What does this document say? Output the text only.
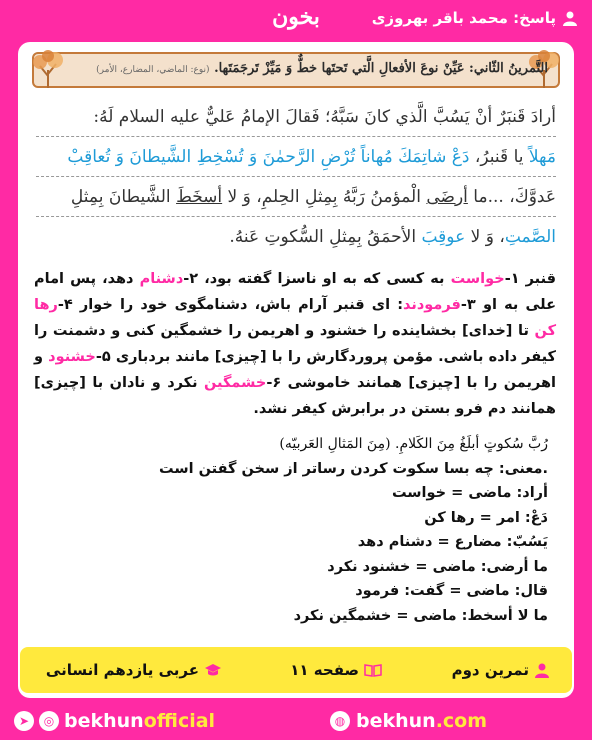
بخون	پاسخ: محمد باقر بهروزی
التَّمرينُ الثّاني: عَيِّنْ نوعَ الأفعالِ الَّتي تَحتَها خطٌّ وَ مَيِّزْ تَرجَمَتَها. (نوع: الماضي، المضارع، الأمر)
أرادَ قَنبَرٌ أنْ يَسُبَّ الَّذي كانَ سَبَّهُ؛ فَقالَ الإمامُ عَليٌّ عليه السلام لَهُ:
مَهلاً يا قَنبرُ، دَعْ شاتِمَكَ مُهاناً تُرْضِ الرَّحمٰنَ وَ تُسْخِطِ الشَّيطانَ وَ تُعاقِبْ
عَدوَّكَ، ...ما أرضَى الْمؤمنُ رَبَّهُ بِمِثلِ الحِلمِ، وَ لا أسخَطَ الشَّيطانَ بِمِثلِ
الصَّمتِ، وَ لا عوقِبَ الأحمَقُ بِمِثلِ السُّكوتِ عَنهُ.
قنبر ۱-خواست به کسی که به او ناسزا گفته بود، ۲-دشنام دهد، پس امام علی به او ۳-فرمودند: ای قنبر آرام باش، دشنامگوی خود را خوار ۴-رها کن تا [خدای] بخشاینده را خشنود و اهریمن را خشمگین کنی و دشمنت را کیفر داده باشی. مؤمن پروردگارش را با [چیزی] مانند بردباری ۵-خشنود و اهریمن را با [چیزی] همانند خاموشی ۶-خشمگین نکرد و نادان با [چیزی] همانند دم فرو بستن در برابرش کیفر نشد.
رُبَّ سُکوتٍ أبلَغُ مِنَ الکَلامِ. (مِنَ المَثالِ العَربیّه)
.معنی: چه بسا سکوت کردن رساتر از سخن گفتن است
أراد: ماضی = خواست
دَعْ: امر = رها کن
يَسُبّ: مضارع = دشنام دهد
ما أرضی: ماضی = خشنود نکرد
قال: ماضی = گفت: فرمود
ما لا أسخط: ماضی = خشمگین نکرد
تمرین دوم
صفحه ۱۱
عربی یازدهم انسانی
➤	◎ bekhunofficial	◍ bekhun.com
